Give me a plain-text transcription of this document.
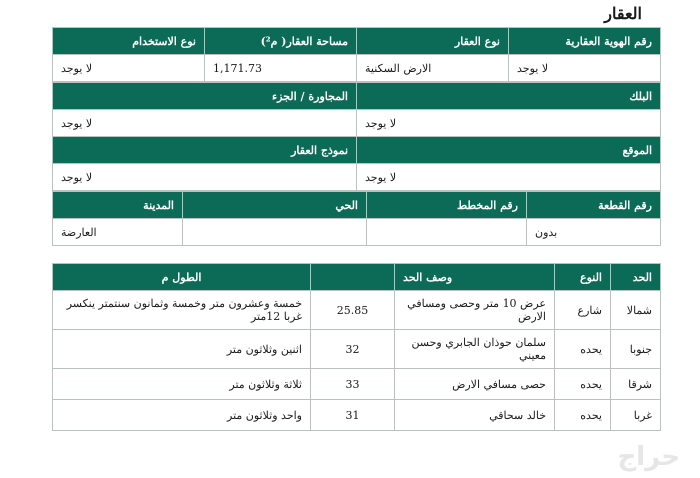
العقار
رقم الهوية العقارية	نوع العقار	مساحة العقار( م²)	نوع الاستخدام
لا يوجد	الارض السكنية	1,171.73	لا يوجد
البلك	المجاورة / الجزء
لا يوجد	لا يوجد
الموقع	نموذج العقار
لا يوجد	لا يوجد
رقم القطعة	رقم المخطط	الحي	المدينة
بدون			العارضة
الحد	النوع	وصف الحد		الطول م
شمالا	شارع	عرض 10 متر وحصى ومسافي الارض	25.85	خمسة وعشرون متر وخمسة وثمانون سنتمتر ينكسر غربا 12متر
جنوبا	يحده	سلمان حوذان الجابري وحسن معيني	32	اثنين وثلاثون متر
شرقا	يحده	حصى مسافي الارض	33	ثلاثة وثلاثون متر
غربا	يحده	خالد سحاقي	31	واحد وثلاثون متر
حراج
